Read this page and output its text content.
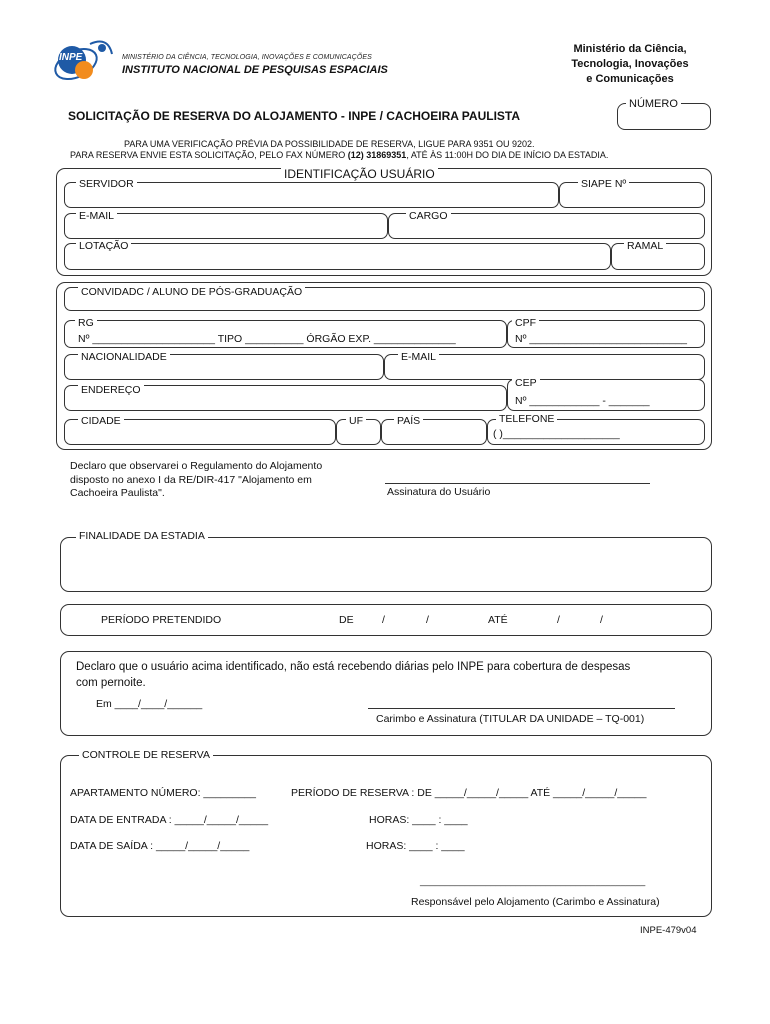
INPE	MINISTÉRIO DA CIÊNCIA, TECNOLOGIA, INOVAÇÕES E COMUNICAÇÕES
INSTITUTO NACIONAL DE PESQUISAS ESPACIAIS
Ministério da Ciência,
Tecnologia, Inovações
e Comunicações
SOLICITAÇÃO DE RESERVA DO ALOJAMENTO - INPE / CACHOEIRA PAULISTA
NÚMERO
PARA UMA VERIFICAÇÃO PRÉVIA DA POSSIBILIDADE DE RESERVA, LIGUE PARA 9351 OU 9202.
PARA RESERVA ENVIE ESTA SOLICITAÇÃO, PELO FAX NÚMERO (12) 31869351, ATÉ ÀS 11:00H DO DIA DE INÍCIO DA ESTADIA.
IDENTIFICAÇÃO USUÁRIO
SERVIDOR	SIAPE Nº
E-MAIL	CARGO
LOTAÇÃO	RAMAL
CONVIDADC / ALUNO DE PÓS-GRADUAÇÃO
RG
Nº _____________________ TIPO __________ ÓRGÃO EXP. ______________
CPF
Nº ___________________________
NACIONALIDADE	E-MAIL
ENDEREÇO
CEP
Nº ____________ - _______
CIDADE	UF	PAÍS	TELEFONE
( )____________________
Declaro que observarei o Regulamento do Alojamento
disposto no anexo I da RE/DIR-417 "Alojamento em
Cachoeira Paulista".	Assinatura do Usuário
FINALIDADE DA ESTADIA
PERÍODO PRETENDIDO	DE	/	/	ATÉ	/	/
Declaro que o usuário acima identificado, não está recebendo diárias pelo INPE para cobertura de despesas
com pernoite.
Em ____/____/______
Carimbo e Assinatura (TITULAR DA UNIDADE – TQ-001)
CONTROLE DE RESERVA
APARTAMENTO NÚMERO: _________	PERÍODO DE RESERVA : DE _____/_____/_____ ATÉ _____/_____/_____
DATA DE ENTRADA : _____/_____/_____	HORAS: ____ : ____
DATA DE SAÍDA : _____/_____/_____	HORAS: ____ : ____
_____________________________________________
Responsável pelo Alojamento (Carimbo e Assinatura)
INPE-479v04
